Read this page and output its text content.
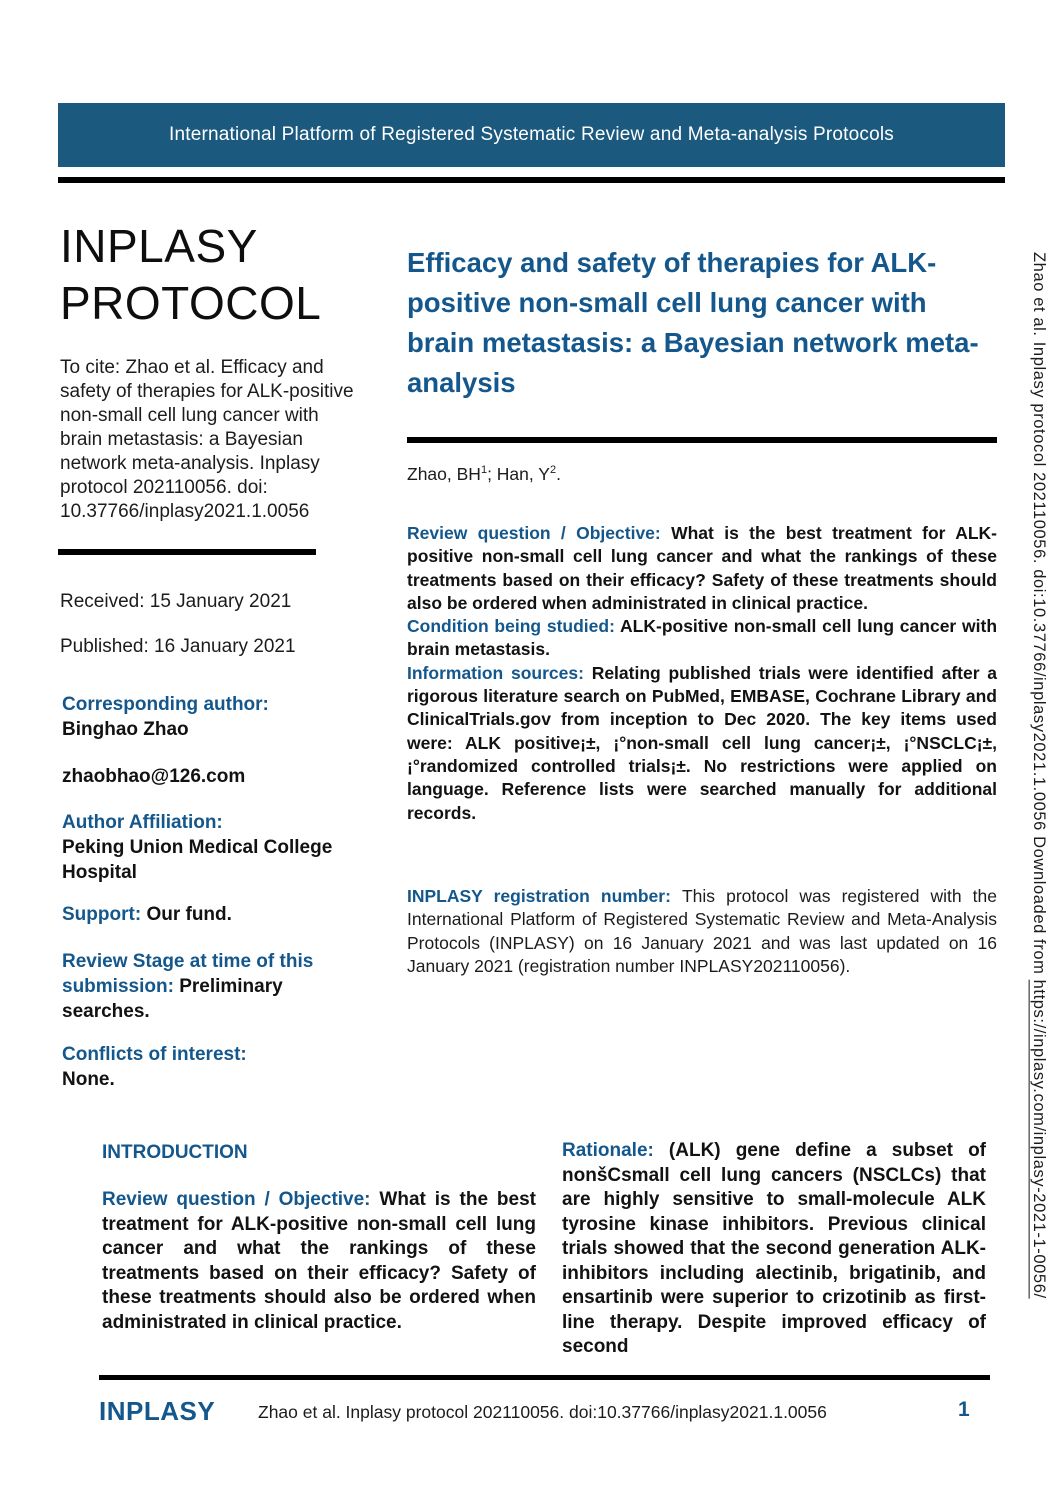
Zhao et al. Inplasy protocol 202110056. doi:10.37766/inplasy2021.1.0056 Downloaded from https://inplasy.com/inplasy-2021-1-0056/
International Platform of Registered Systematic Review and Meta-analysis Protocols
INPLASY
PROTOCOL

To cite: Zhao et al. Efficacy and safety of therapies for ALK-positive non-small cell lung cancer with brain metastasis: a Bayesian network meta-analysis. Inplasy protocol 202110056. doi: 10.37766/inplasy2021.1.0056

Received: 15 January 2021

Published: 16 January 2021

Corresponding author:
Binghao Zhao
zhaobhao@126.com
Author Affiliation:
Peking Union Medical College Hospital

Support: Our fund.

Review Stage at time of this submission: Preliminary searches.

Conflicts of interest:
None.
Efficacy and safety of therapies for ALK-positive non-small cell lung cancer with brain metastasis: a Bayesian network meta-analysis

Zhao, $BH^1$; Han, $Y^2$.

Review question / Objective: What is the best treatment for ALK-positive non-small cell lung cancer and what the rankings of these treatments based on their efficacy? Safety of these treatments should also be ordered when administrated in clinical practice.

Condition being studied: ALK-positive non-small cell lung cancer with brain metastasis.

Information sources: Relating published trials were identified after a rigorous literature search on PubMed, EMBASE, Cochrane Library and ClinicalTrials.gov from inception to Dec 2020. The key items used were: ALK positive¡±, ¡°non-small cell lung cancer¡±, ¡°NSCLC¡±, ¡°randomized controlled trials¡±. No restrictions were applied on language. Reference lists were searched manually for additional records.

INPLASY registration number: This protocol was registered with the International Platform of Registered Systematic Review and Meta-Analysis Protocols (INPLASY) on 16 January 2021 and was last updated on 16 January 2021 (registration number INPLASY202110056).

INTRODUCTION

Review question / Objective: What is the best treatment for ALK-positive non-small cell lung cancer and what the rankings of these treatments based on their efficacy? Safety of these treatments should also be ordered when administrated in clinical practice.

Rationale: (ALK) gene define a subset of nonšCsmall cell lung cancers (NSCLCs) that are highly sensitive to small-molecule ALK tyrosine kinase inhibitors. Previous clinical trials showed that the second generation ALK-inhibitors including alectinib, brigatinib, and ensartinib were superior to crizotinib as first-line therapy. Despite improved efficacy of second

INPLASY Zhao et al. Inplasy protocol 202110056. doi:10.37766/inplasy2021.1.0056	1
